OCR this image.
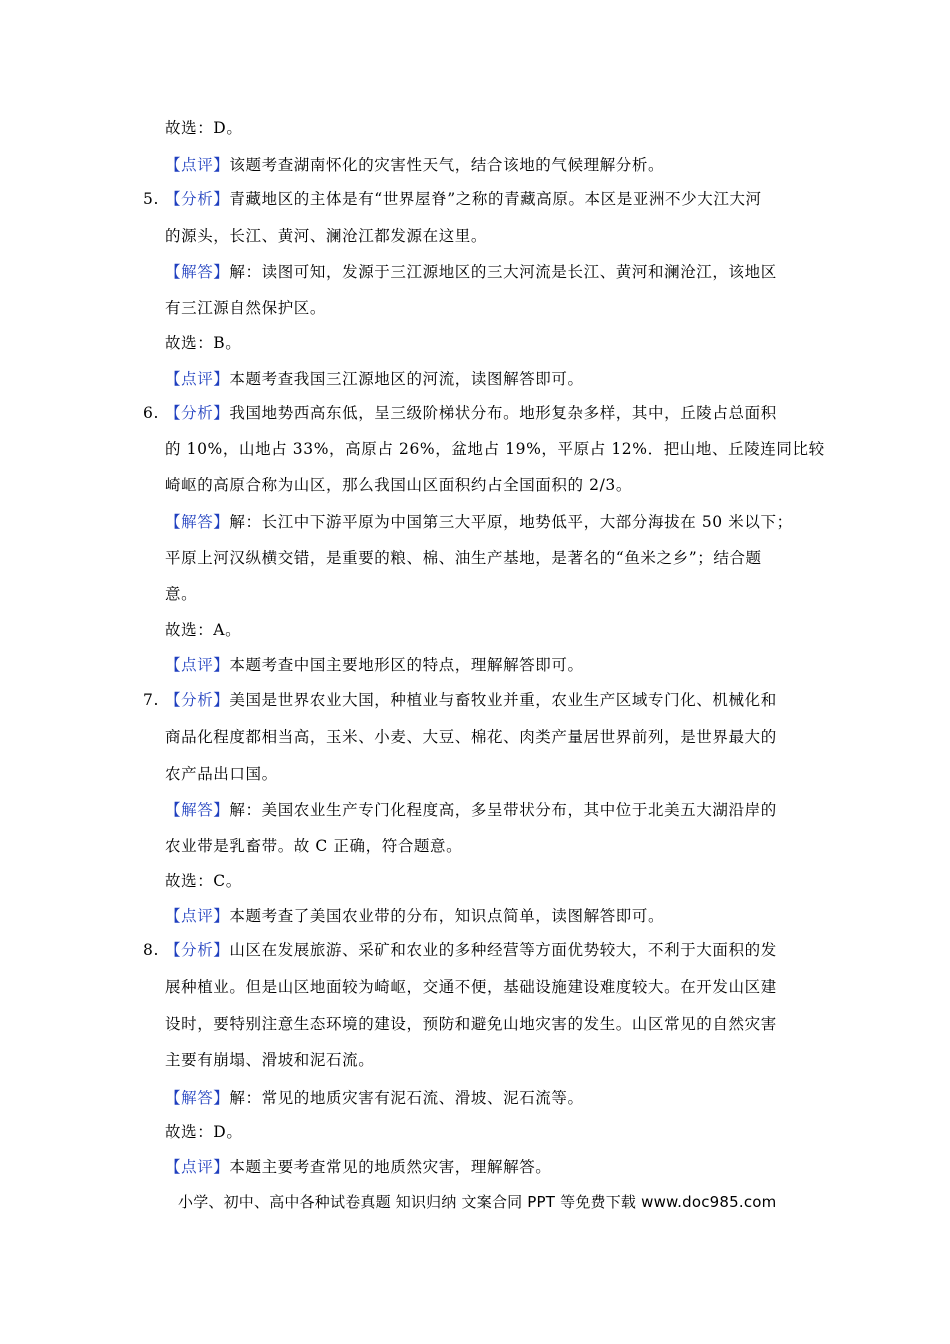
故选：D。
【点评】该题考查湖南怀化的灾害性天气，结合该地的气候理解分析。
5. 【分析】青藏地区的主体是有“世界屋脊”之称的青藏高原。本区是亚洲不少大江大河
的源头，长江、黄河、澜沧江都发源在这里。
【解答】解：读图可知，发源于三江源地区的三大河流是长江、黄河和澜沧江，该地区
有三江源自然保护区。
故选：B。
【点评】本题考查我国三江源地区的河流，读图解答即可。
6. 【分析】我国地势西高东低，呈三级阶梯状分布。地形复杂多样，其中，丘陵占总面积
的 10%，山地占 33%，高原占 26%，盆地占 19%，平原占 12%．把山地、丘陵连同比较
崎岖的高原合称为山区，那么我国山区面积约占全国面积的 2/3。
【解答】解：长江中下游平原为中国第三大平原，地势低平，大部分海拔在 50 米以下；
平原上河汉纵横交错，是重要的粮、棉、油生产基地，是著名的“鱼米之乡”；结合题
意。
故选：A。
【点评】本题考查中国主要地形区的特点，理解解答即可。
7. 【分析】美国是世界农业大国，种植业与畜牧业并重，农业生产区域专门化、机械化和
商品化程度都相当高，玉米、小麦、大豆、棉花、肉类产量居世界前列，是世界最大的
农产品出口国。
【解答】解：美国农业生产专门化程度高，多呈带状分布，其中位于北美五大湖沿岸的
农业带是乳畜带。故 C 正确，符合题意。
故选：C。
【点评】本题考查了美国农业带的分布，知识点简单，读图解答即可。
8. 【分析】山区在发展旅游、采矿和农业的多种经营等方面优势较大，不利于大面积的发
展种植业。但是山区地面较为崎岖，交通不便，基础设施建设难度较大。在开发山区建
设时，要特别注意生态环境的建设，预防和避免山地灾害的发生。山区常见的自然灾害
主要有崩塌、滑坡和泥石流。
【解答】解：常见的地质灾害有泥石流、滑坡、泥石流等。
故选：D。
【点评】本题主要考查常见的地质然灾害，理解解答。
小学、初中、高中各种试卷真题 知识归纳 文案合同 PPT 等免费下载 www.doc985.com
